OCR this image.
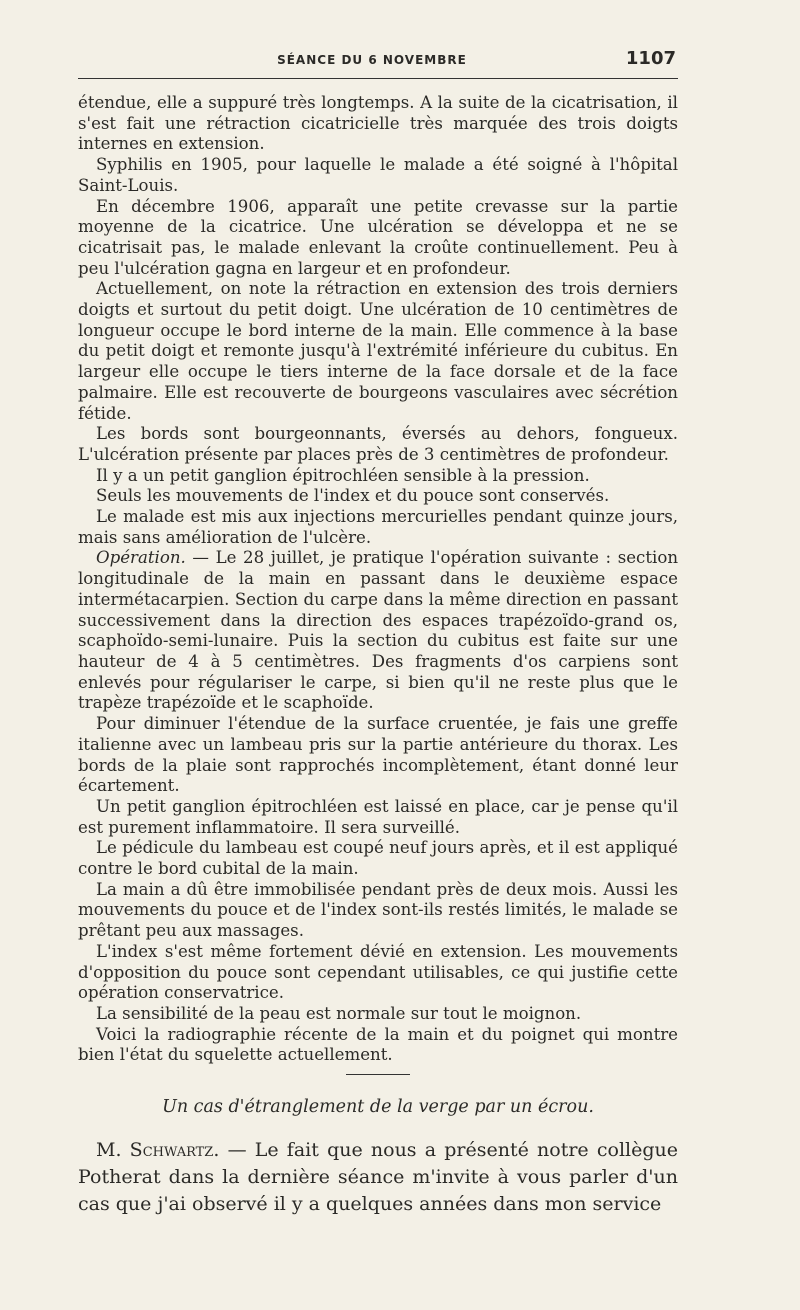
SÉANCE DU 6 NOVEMBRE	1107

étendue, elle a suppuré très longtemps. A la suite de la cicatrisation, il s'est fait une rétraction cicatricielle très marquée des trois doigts internes en extension.

Syphilis en 1905, pour laquelle le malade a été soigné à l'hôpital Saint-Louis.

En décembre 1906, apparaît une petite crevasse sur la partie moyenne de la cicatrice. Une ulcération se développa et ne se cicatrisait pas, le malade enlevant la croûte continuellement. Peu à peu l'ulcération gagna en largeur et en profondeur.

Actuellement, on note la rétraction en extension des trois derniers doigts et surtout du petit doigt. Une ulcération de 10 centimètres de longueur occupe le bord interne de la main. Elle commence à la base du petit doigt et remonte jusqu'à l'extrémité inférieure du cubitus. En largeur elle occupe le tiers interne de la face dorsale et de la face palmaire. Elle est recouverte de bourgeons vasculaires avec sécrétion fétide.

Les bords sont bourgeonnants, éversés au dehors, fongueux. L'ulcération présente par places près de 3 centimètres de profondeur.

Il y a un petit ganglion épitrochléen sensible à la pression.

Seuls les mouvements de l'index et du pouce sont conservés.

Le malade est mis aux injections mercurielles pendant quinze jours, mais sans amélioration de l'ulcère.

Opération. — Le 28 juillet, je pratique l'opération suivante : section longitudinale de la main en passant dans le deuxième espace intermétacarpien. Section du carpe dans la même direction en passant successivement dans la direction des espaces trapézoïdo-grand os, scaphoïdo-semi-lunaire. Puis la section du cubitus est faite sur une hauteur de 4 à 5 centimètres. Des fragments d'os carpiens sont enlevés pour régulariser le carpe, si bien qu'il ne reste plus que le trapèze trapézoïde et le scaphoïde.

Pour diminuer l'étendue de la surface cruentée, je fais une greffe italienne avec un lambeau pris sur la partie antérieure du thorax. Les bords de la plaie sont rapprochés incomplètement, étant donné leur écartement.

Un petit ganglion épitrochléen est laissé en place, car je pense qu'il est purement inflammatoire. Il sera surveillé.

Le pédicule du lambeau est coupé neuf jours après, et il est appliqué contre le bord cubital de la main.

La main a dû être immobilisée pendant près de deux mois. Aussi les mouvements du pouce et de l'index sont-ils restés limités, le malade se prêtant peu aux massages.

L'index s'est même fortement dévié en extension. Les mouvements d'opposition du pouce sont cependant utilisables, ce qui justifie cette opération conservatrice.

La sensibilité de la peau est normale sur tout le moignon.

Voici la radiographie récente de la main et du poignet qui montre bien l'état du squelette actuellement.

Un cas d'étranglement de la verge par un écrou.

M. Schwartz. — Le fait que nous a présenté notre collègue Potherat dans la dernière séance m'invite à vous parler d'un cas que j'ai observé il y a quelques années dans mon service
